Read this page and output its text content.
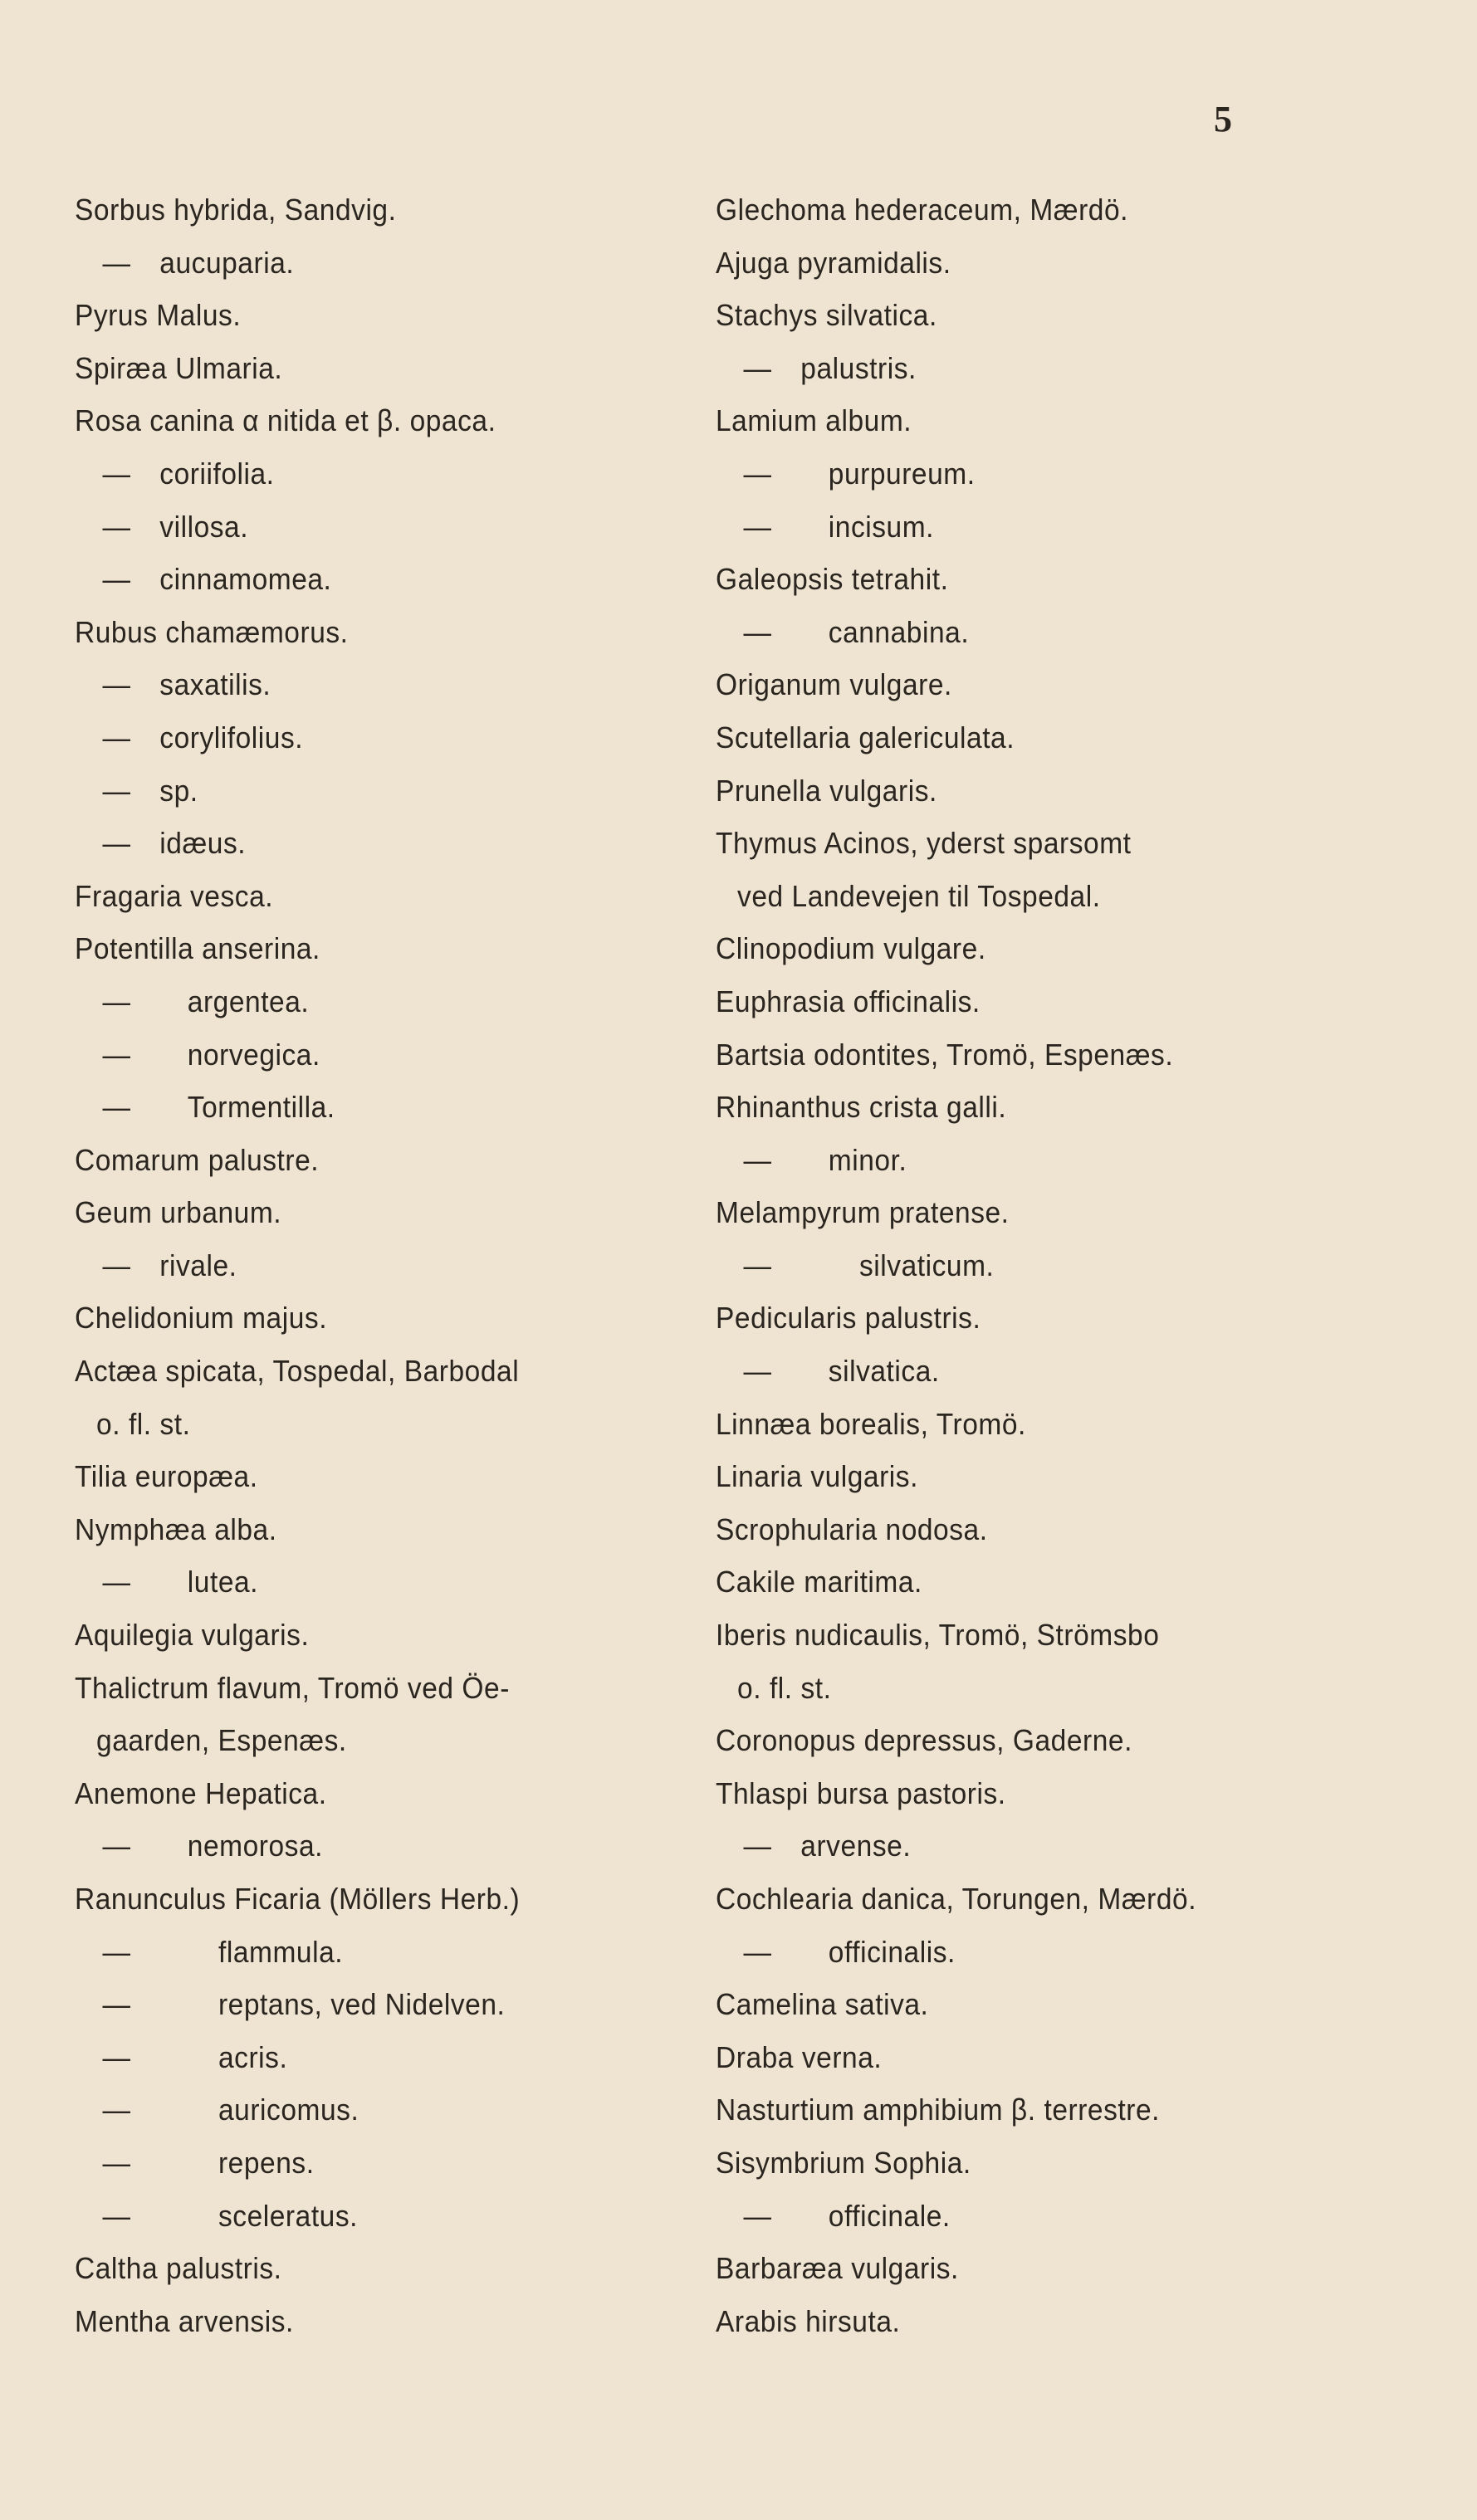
5
Sorbus hybrida, Sandvig.
— aucuparia.
Pyrus Malus.
Spiræa Ulmaria.
Rosa canina α nitida et β. opaca.
— coriifolia.
— villosa.
— cinnamomea.
Rubus chamæmorus.
— saxatilis.
— corylifolius.
— sp.
— idæus.
Fragaria vesca.
Potentilla anserina.
— argentea.
— norvegica.
— Tormentilla.
Comarum palustre.
Geum urbanum.
— rivale.
Chelidonium majus.
Actæa spicata, Tospedal, Barbodal
o. fl. st.
Tilia europæa.
Nymphæa alba.
— lutea.
Aquilegia vulgaris.
Thalictrum flavum, Tromö ved Öe-
gaarden, Espenæs.
Anemone Hepatica.
— nemorosa.
Ranunculus Ficaria (Möllers Herb.)
—	flammula.
—	reptans, ved Nidelven.
—	acris.
—	auricomus.
—	repens.
—	sceleratus.
Caltha palustris.
Mentha arvensis.
Glechoma hederaceum, Mærdö.
Ajuga pyramidalis.
Stachys silvatica.
— palustris.
Lamium album.
— purpureum.
— incisum.
Galeopsis tetrahit.
— cannabina.
Origanum vulgare.
Scutellaria galericulata.
Prunella vulgaris.
Thymus Acinos, yderst sparsomt
ved Landevejen til Tospedal.
Clinopodium vulgare.
Euphrasia officinalis.
Bartsia odontites, Tromö, Espenæs.
Rhinanthus crista galli.
— minor.
Melampyrum pratense.
—	silvaticum.
Pedicularis palustris.
— silvatica.
Linnæa borealis, Tromö.
Linaria vulgaris.
Scrophularia nodosa.
Cakile maritima.
Iberis nudicaulis, Tromö, Strömsbo
o. fl. st.
Coronopus depressus, Gaderne.
Thlaspi bursa pastoris.
— arvense.
Cochlearia danica, Torungen, Mærdö.
— officinalis.
Camelina sativa.
Draba verna.
Nasturtium amphibium β. terrestre.
Sisymbrium Sophia.
— officinale.
Barbaræa vulgaris.
Arabis hirsuta.
